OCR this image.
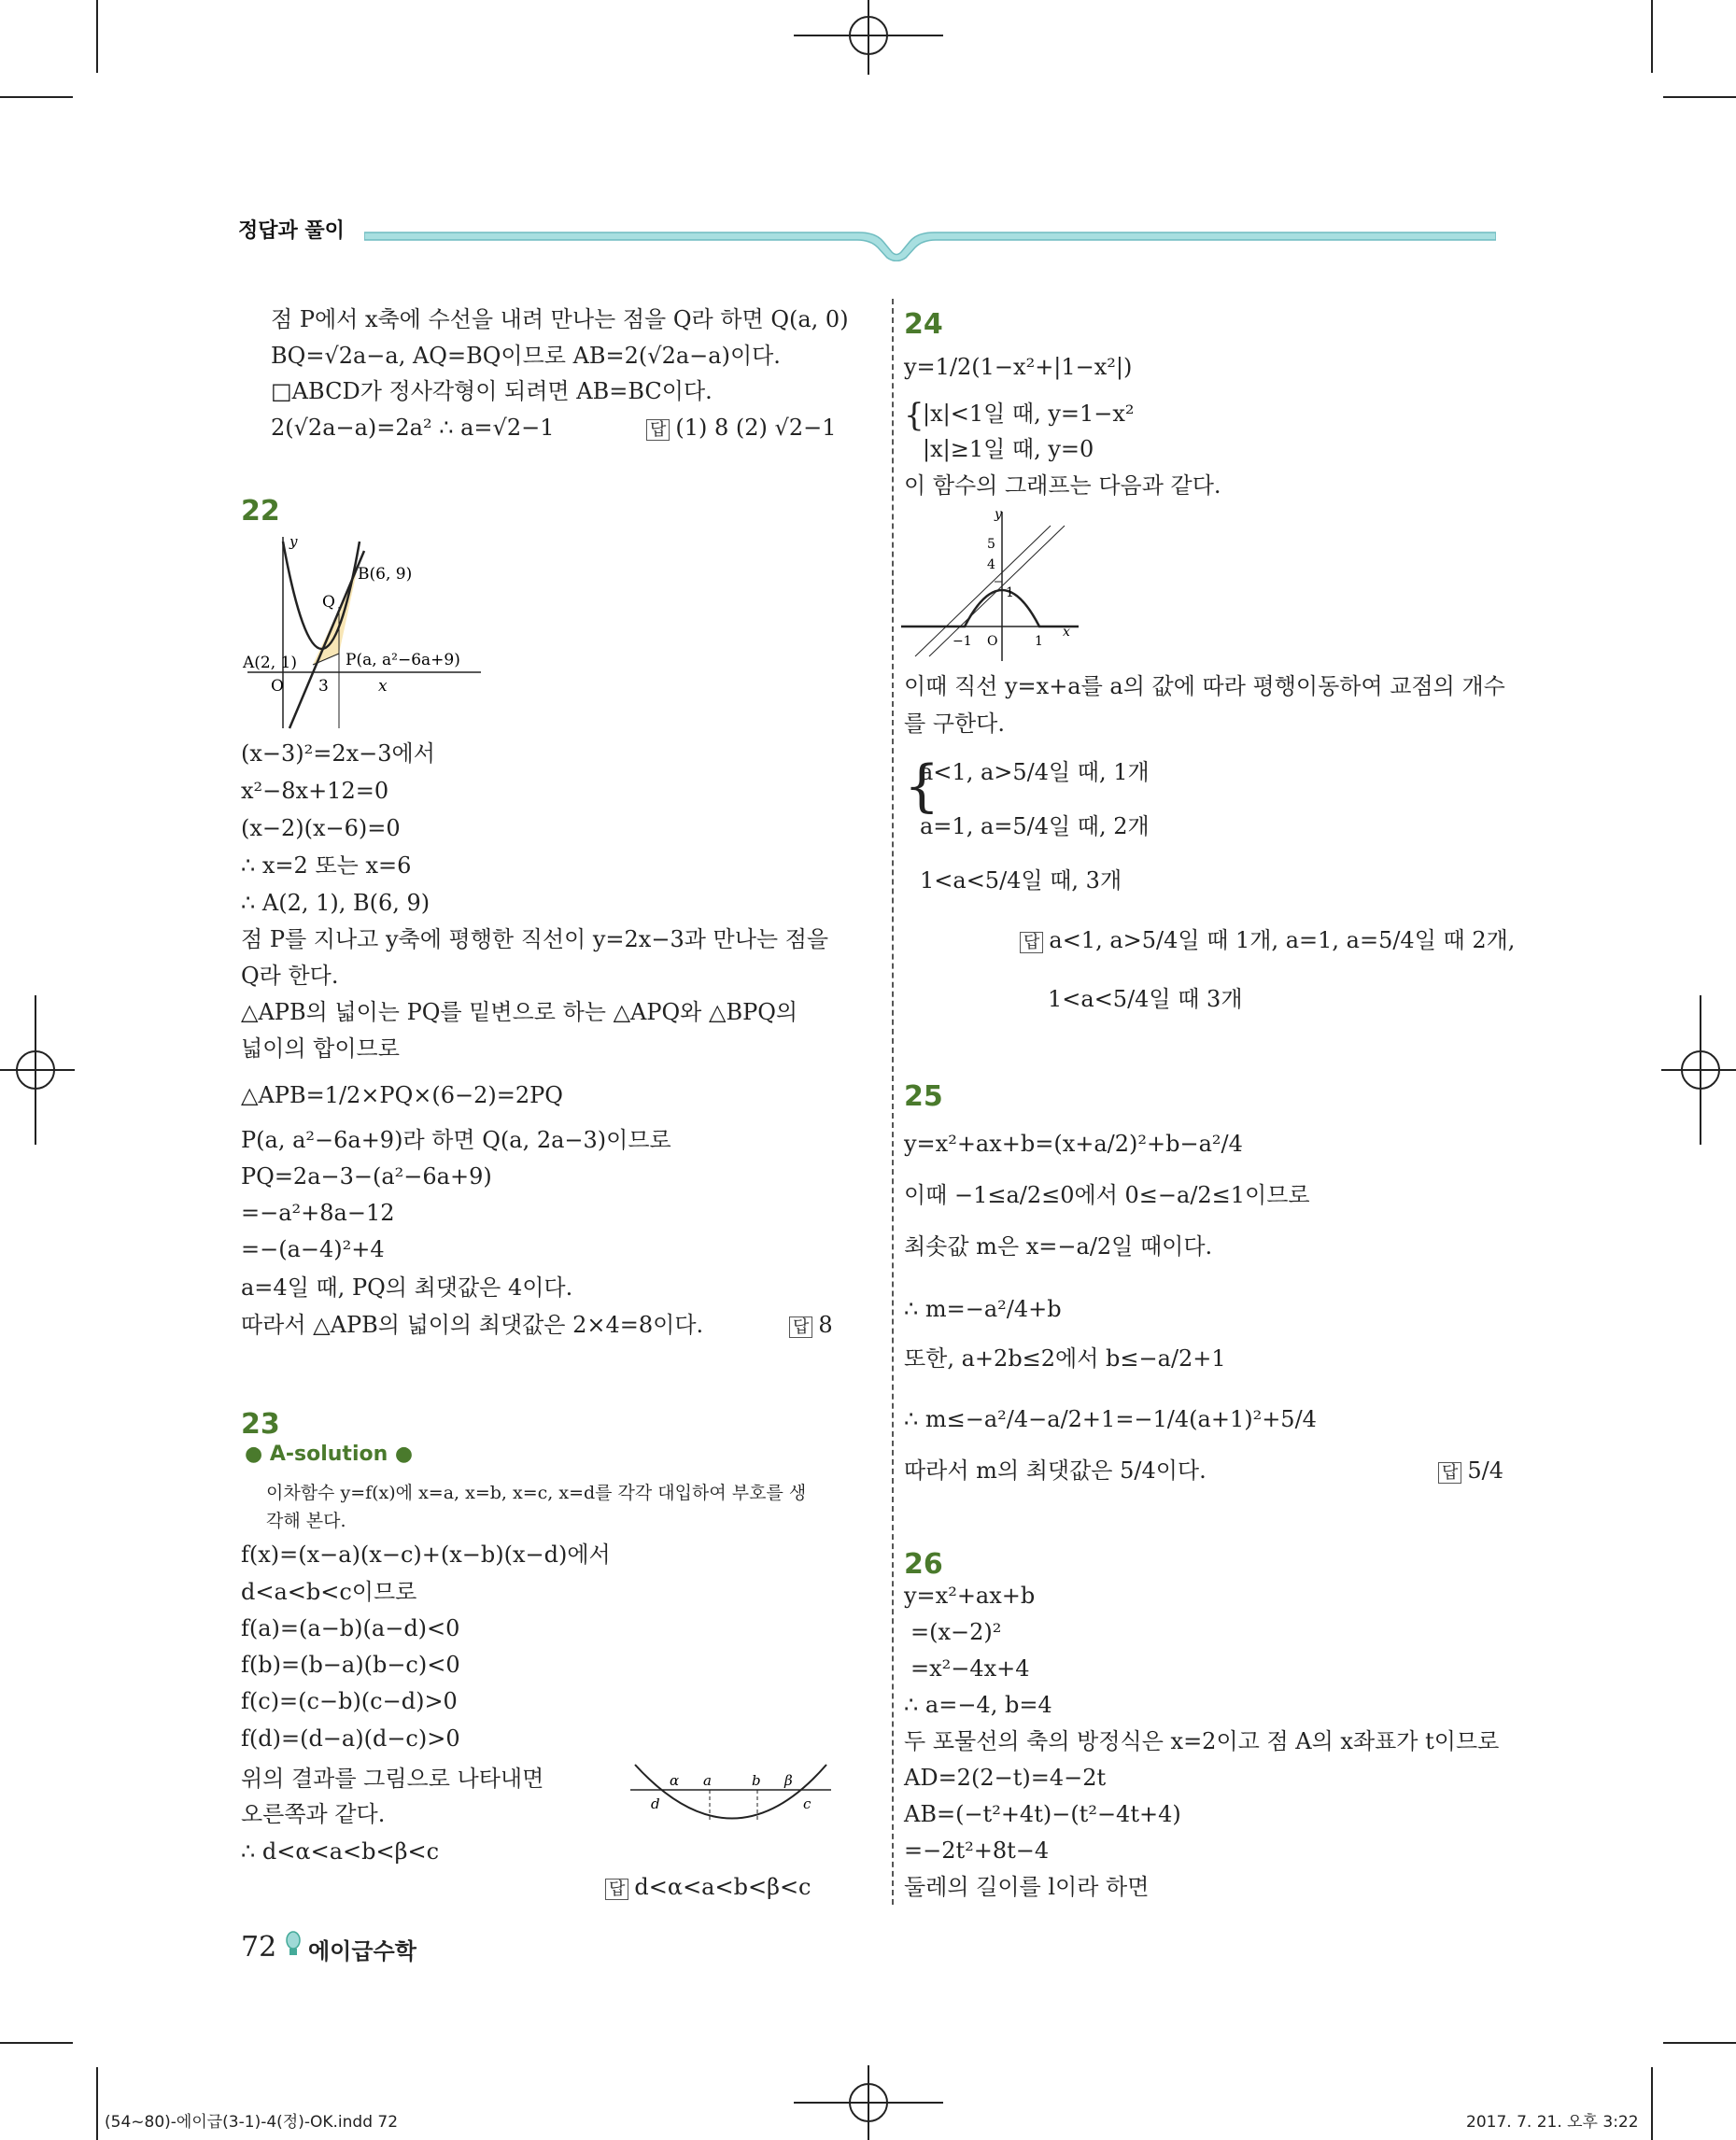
정답과 풀이
점 P에서 x축에 수선을 내려 만나는 점을 Q라 하면 Q(a, 0)
BQ=√2a−a, AQ=BQ이므로 AB=2(√2a−a)이다.
□ABCD가 정사각형이 되려면 AB=BC이다.
2(√2a−a)=2a² ∴ a=√2−1	답 (1) 8 (2) √2−1
22
B(6, 9)
Q
A(2, 1)	P(a, a²−6a+9)
O 3	x
y
(x−3)²=2x−3에서
x²−8x+12=0
(x−2)(x−6)=0
∴ x=2 또는 x=6
∴ A(2, 1), B(6, 9)
점 P를 지나고 y축에 평행한 직선이 y=2x−3과 만나는 점을
Q라 한다.
△APB의 넓이는 PQ를 밑변으로 하는 △APQ와 △BPQ의
넓이의 합이므로
△APB=1/2×PQ×(6−2)=2PQ
P(a, a²−6a+9)라 하면 Q(a, 2a−3)이므로
PQ=2a−3−(a²−6a+9)
=−a²+8a−12
=−(a−4)²+4
a=4일 때, PQ의 최댓값은 4이다.
따라서 △APB의 넓이의 최댓값은 2×4=8이다.	답 8
23
● A-solution ●
이차함수 y=f(x)에 x=a, x=b, x=c, x=d를 각각 대입하여 부호를 생
각해 본다.
f(x)=(x−a)(x−c)+(x−b)(x−d)에서
d<a<b<c이므로
f(a)=(a−b)(a−d)<0
f(b)=(b−a)(b−c)<0
f(c)=(c−b)(c−d)>0
f(d)=(d−a)(d−c)>0
위의 결과를 그림으로 나타내면
오른쪽과 같다.
∴ d<α<a<b<β<c
α a	b β
d	c
답 d<α<a<b<β<c
24
y=1/2(1−x²+|1−x²|)
{
|x|<1일 때, y=1−x²
|x|≥1일 때, y=0
이 함수의 그래프는 다음과 같다.
y
5
4
1
−1 O	1
x
이때 직선 y=x+a를 a의 값에 따라 평행이동하여 교점의 개수
를 구한다.
{
a<1, a>5/4일 때, 1개
a=1, a=5/4일 때, 2개
1<a<5/4일 때, 3개
답 a<1, a>5/4일 때 1개, a=1, a=5/4일 때 2개,
1<a<5/4일 때 3개
25
y=x²+ax+b=(x+a/2)²+b−a²/4
이때 −1≤a/2≤0에서 0≤−a/2≤1이므로
최솟값 m은 x=−a/2일 때이다.
∴ m=−a²/4+b
또한, a+2b≤2에서 b≤−a/2+1
∴ m≤−a²/4−a/2+1=−1/4(a+1)²+5/4
따라서 m의 최댓값은 5/4이다.	답 5/4
26
y=x²+ax+b
=(x−2)²
=x²−4x+4
∴ a=−4, b=4
두 포물선의 축의 방정식은 x=2이고 점 A의 x좌표가 t이므로
AD=2(2−t)=4−2t
AB=(−t²+4t)−(t²−4t+4)
=−2t²+8t−4
둘레의 길이를 l이라 하면
72 에이급수학
(54~80)-에이급(3-1)-4(정)-OK.indd 72	2017. 7. 21. 오후 3:22
